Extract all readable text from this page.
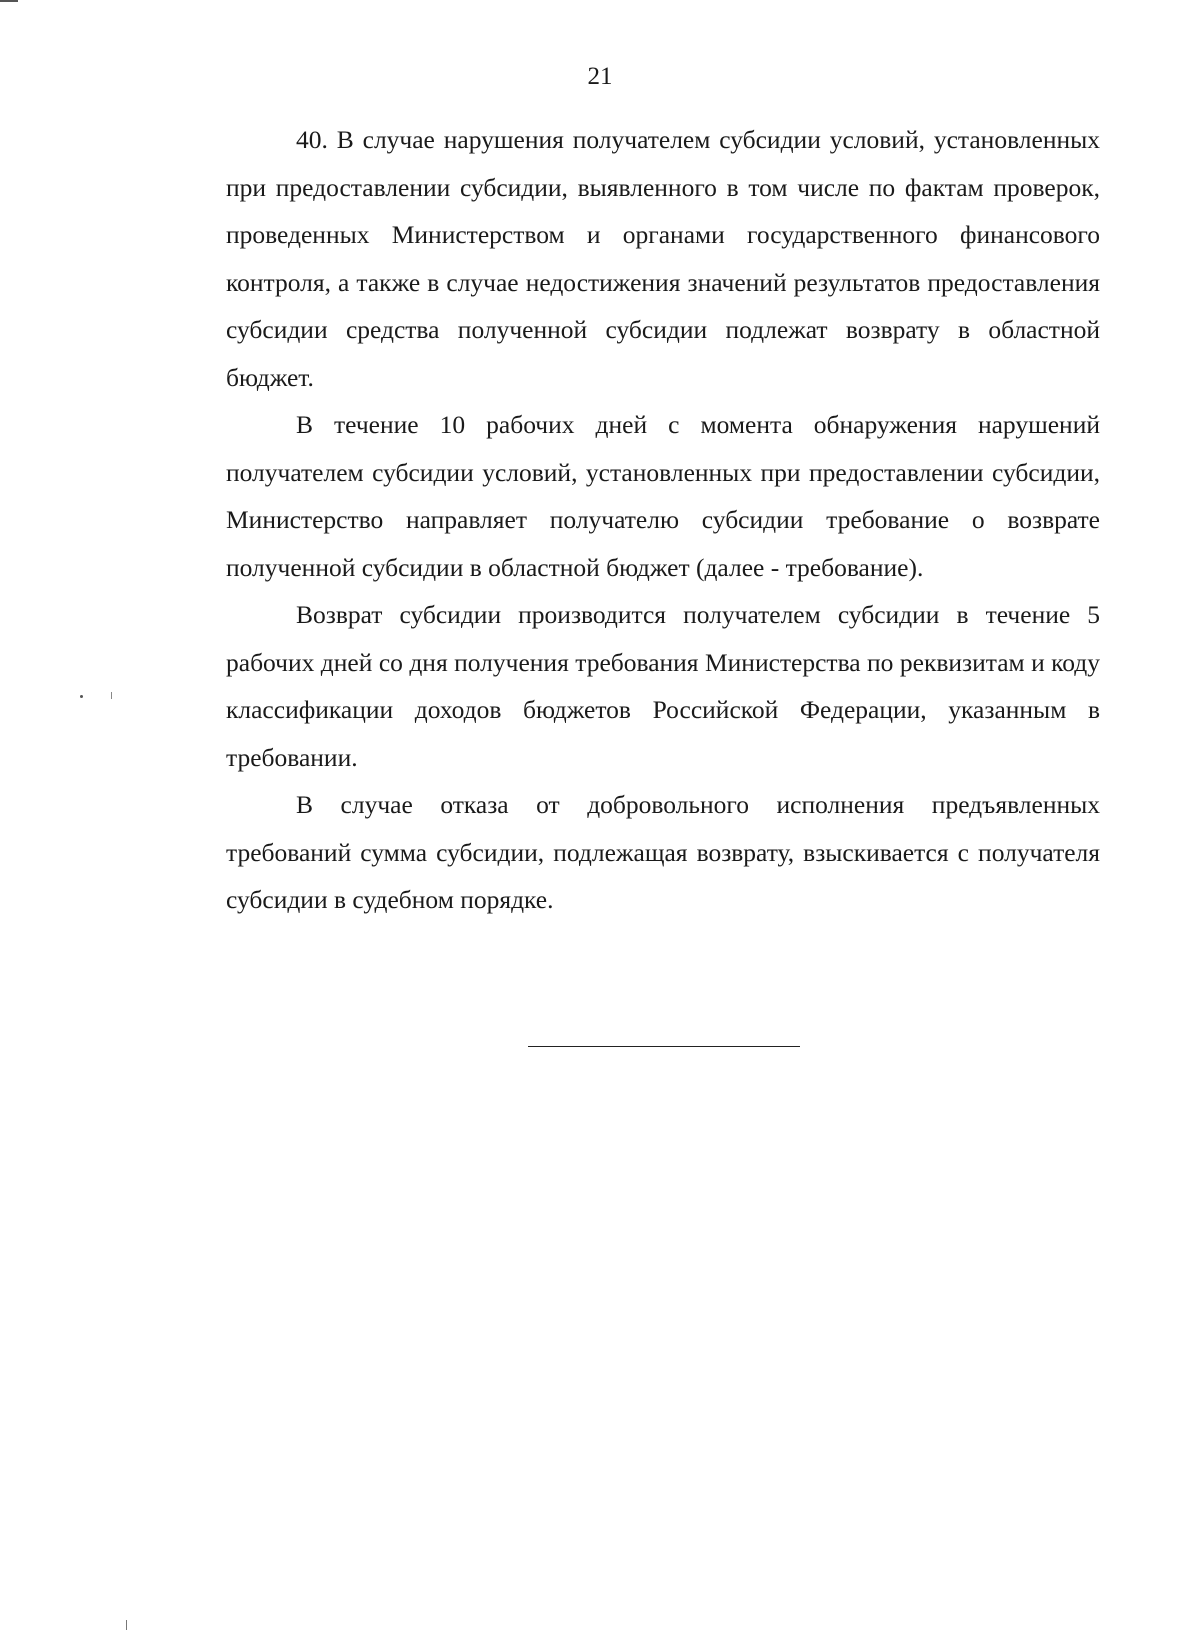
21

40. В случае нарушения получателем субсидии условий, установленных при предоставлении субсидии, выявленного в том числе по фактам проверок, проведенных Министерством и органами государственного финансового контроля, а также в случае недостижения значений результатов предоставления субсидии средства полученной субсидии подлежат возврату в областной бюджет.

В течение 10 рабочих дней с момента обнаружения нарушений получателем субсидии условий, установленных при предоставлении субсидии, Министерство направляет получателю субсидии требование о возврате полученной субсидии в областной бюджет (далее - требование).

Возврат субсидии производится получателем субсидии в течение 5 рабочих дней со дня получения требования Министерства по реквизитам и коду классификации доходов бюджетов Российской Федерации, указанным в требовании.

В случае отказа от добровольного исполнения предъявленных требований сумма субсидии, подлежащая возврату, взыскивается с получателя субсидии в судебном порядке.
